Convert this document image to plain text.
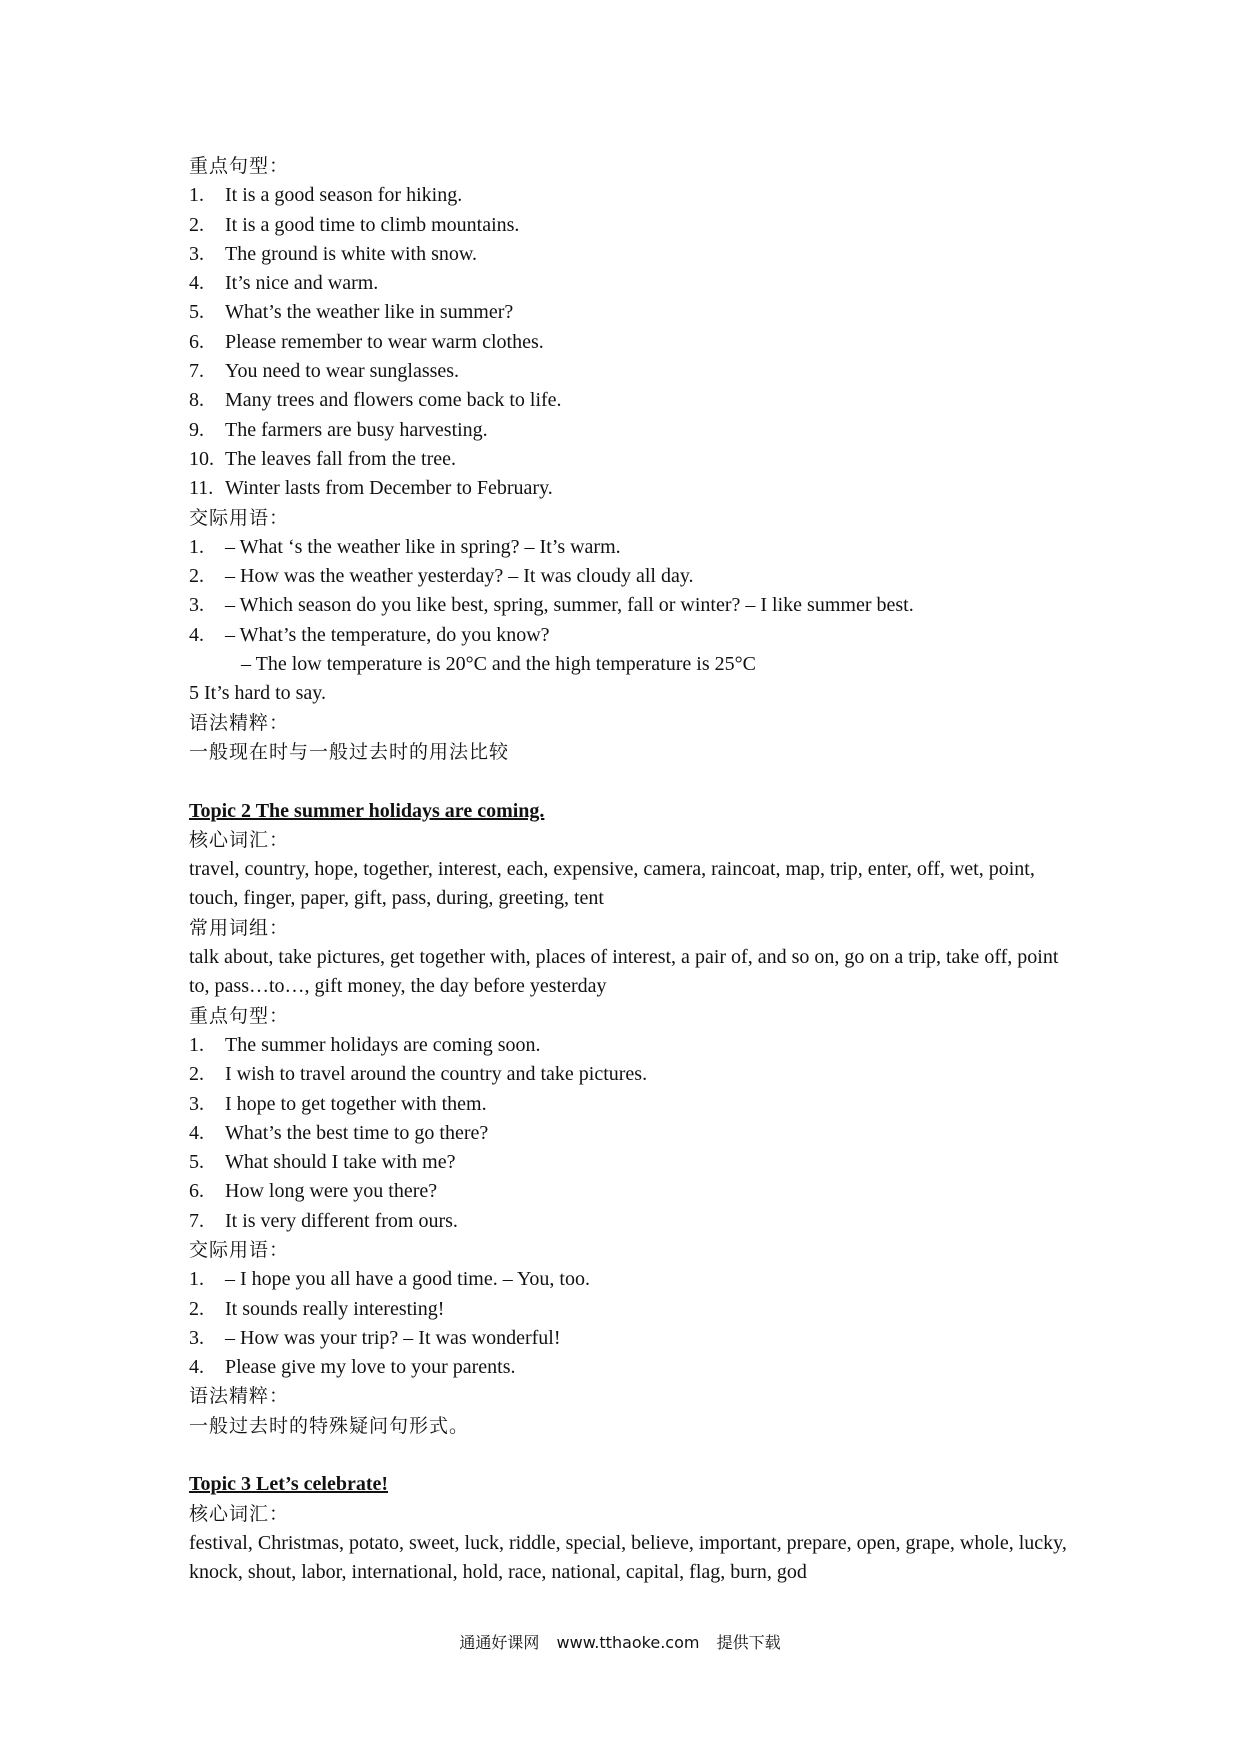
重点句型：
1. It is a good season for hiking.
2. It is a good time to climb mountains.
3. The ground is white with snow.
4. It’s nice and warm.
5. What’s the weather like in summer?
6. Please remember to wear warm clothes.
7. You need to wear sunglasses.
8. Many trees and flowers come back to life.
9. The farmers are busy harvesting.
10. The leaves fall from the tree.
11. Winter lasts from December to February.
交际用语：
1. – What ‘s the weather like in spring? – It’s warm.
2. – How was the weather yesterday? – It was cloudy all day.
3. – Which season do you like best, spring, summer, fall or winter? – I like summer best.
4. – What’s the temperature, do you know?
– The low temperature is 20°C and the high temperature is 25°C
5 It’s hard to say.
语法精粹：
一般现在时与一般过去时的用法比较
Topic 2 The summer holidays are coming.
核心词汇：
travel, country, hope, together, interest, each, expensive, camera, raincoat, map, trip, enter, off, wet, point, touch, finger, paper, gift, pass, during, greeting, tent
常用词组：
talk about, take pictures, get together with, places of interest, a pair of, and so on, go on a trip, take off, point to, pass…to…, gift money, the day before yesterday
重点句型：
1. The summer holidays are coming soon.
2. I wish to travel around the country and take pictures.
3. I hope to get together with them.
4. What’s the best time to go there?
5. What should I take with me?
6. How long were you there?
7. It is very different from ours.
交际用语：
1. – I hope you all have a good time. – You, too.
2. It sounds really interesting!
3. – How was your trip? – It was wonderful!
4. Please give my love to your parents.
语法精粹：
一般过去时的特殊疑问句形式。
Topic 3 Let’s celebrate!
核心词汇：
festival, Christmas, potato, sweet, luck, riddle, special, believe, important, prepare, open, grape, whole, lucky, knock, shout, labor, international, hold, race, national, capital, flag, burn, god
通通好课网 www.tthaoke.com 提供下载
